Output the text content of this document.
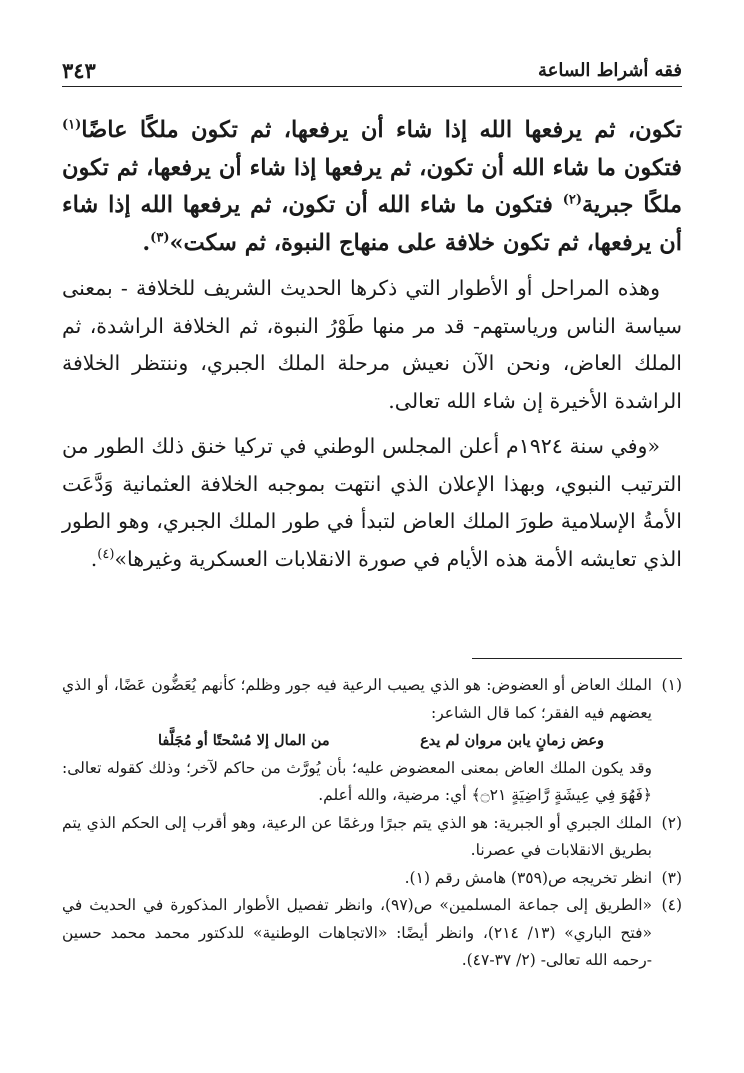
فقه أشراط الساعة
٣٤٣

تكون، ثم يرفعها الله إذا شاء أن يرفعها، ثم تكون ملكًا عاضًا$^{(١)}$ فتكون ما شاء الله أن تكون، ثم يرفعها إذا شاء أن يرفعها، ثم تكون ملكًا جبرية$^{(٢)}$ فتكون ما شاء الله أن تكون، ثم يرفعها الله إذا شاء أن يرفعها، ثم تكون خلافة على منهاج النبوة، ثم سكت»$^{(٣)}$.

وهذه المراحل أو الأطوار التي ذكرها الحديث الشريف للخلافة - بمعنى سياسة الناس ورياستهم- قد مر منها طَوْرُ النبوة، ثم الخلافة الراشدة، ثم الملك العاض، ونحن الآن نعيش مرحلة الملك الجبري، وننتظر الخلافة الراشدة الأخيرة إن شاء الله تعالى.

«وفي سنة ١٩٢٤م أعلن المجلس الوطني في تركيا خنق ذلك الطور من الترتيب النبوي، وبهذا الإعلان الذي انتهت بموجبه الخلافة العثمانية وَدَّعَت الأمةُ الإسلامية طورَ الملك العاض لتبدأ في طور الملك الجبري، وهو الطور الذي تعايشه الأمة هذه الأيام في صورة الانقلابات العسكرية وغيرها»$^{(٤)}$.

(١)
الملك العاض أو العضوض: هو الذي يصيب الرعية فيه جور وظلم؛ كأنهم يُعَضُّون عَضًا، أو الذي يعضهم فيه الفقر؛ كما قال الشاعر:
وعض زمانٍ يابن مروان لم يدع
من المال إلا مُسْحتًا أو مُجَلَّفا
وقد يكون الملك العاض بمعنى المعضوض عليه؛ بأن يُورَّث من حاكم لآخر؛ وذلك كقوله تعالى: ﴿فَهُوَ فِي عِيشَةٍ رَّاضِيَةٍ ۝٢١﴾ أي: مرضية، والله أعلم.
(٢)
الملك الجبري أو الجبرية: هو الذي يتم جبرًا ورغمًا عن الرعية، وهو أقرب إلى الحكم الذي يتم بطريق الانقلابات في عصرنا.
(٣)
انظر تخريجه ص(٣٥٩) هامش رقم (١).
(٤)
«الطريق إلى جماعة المسلمين» ص(٩٧)، وانظر تفصيل الأطوار المذكورة في الحديث في «فتح الباري» (١٣/ ٢١٤)، وانظر أيضًا: «الاتجاهات الوطنية» للدكتور محمد محمد حسين -رحمه الله تعالى- (٢/ ٣٧-٤٧).
